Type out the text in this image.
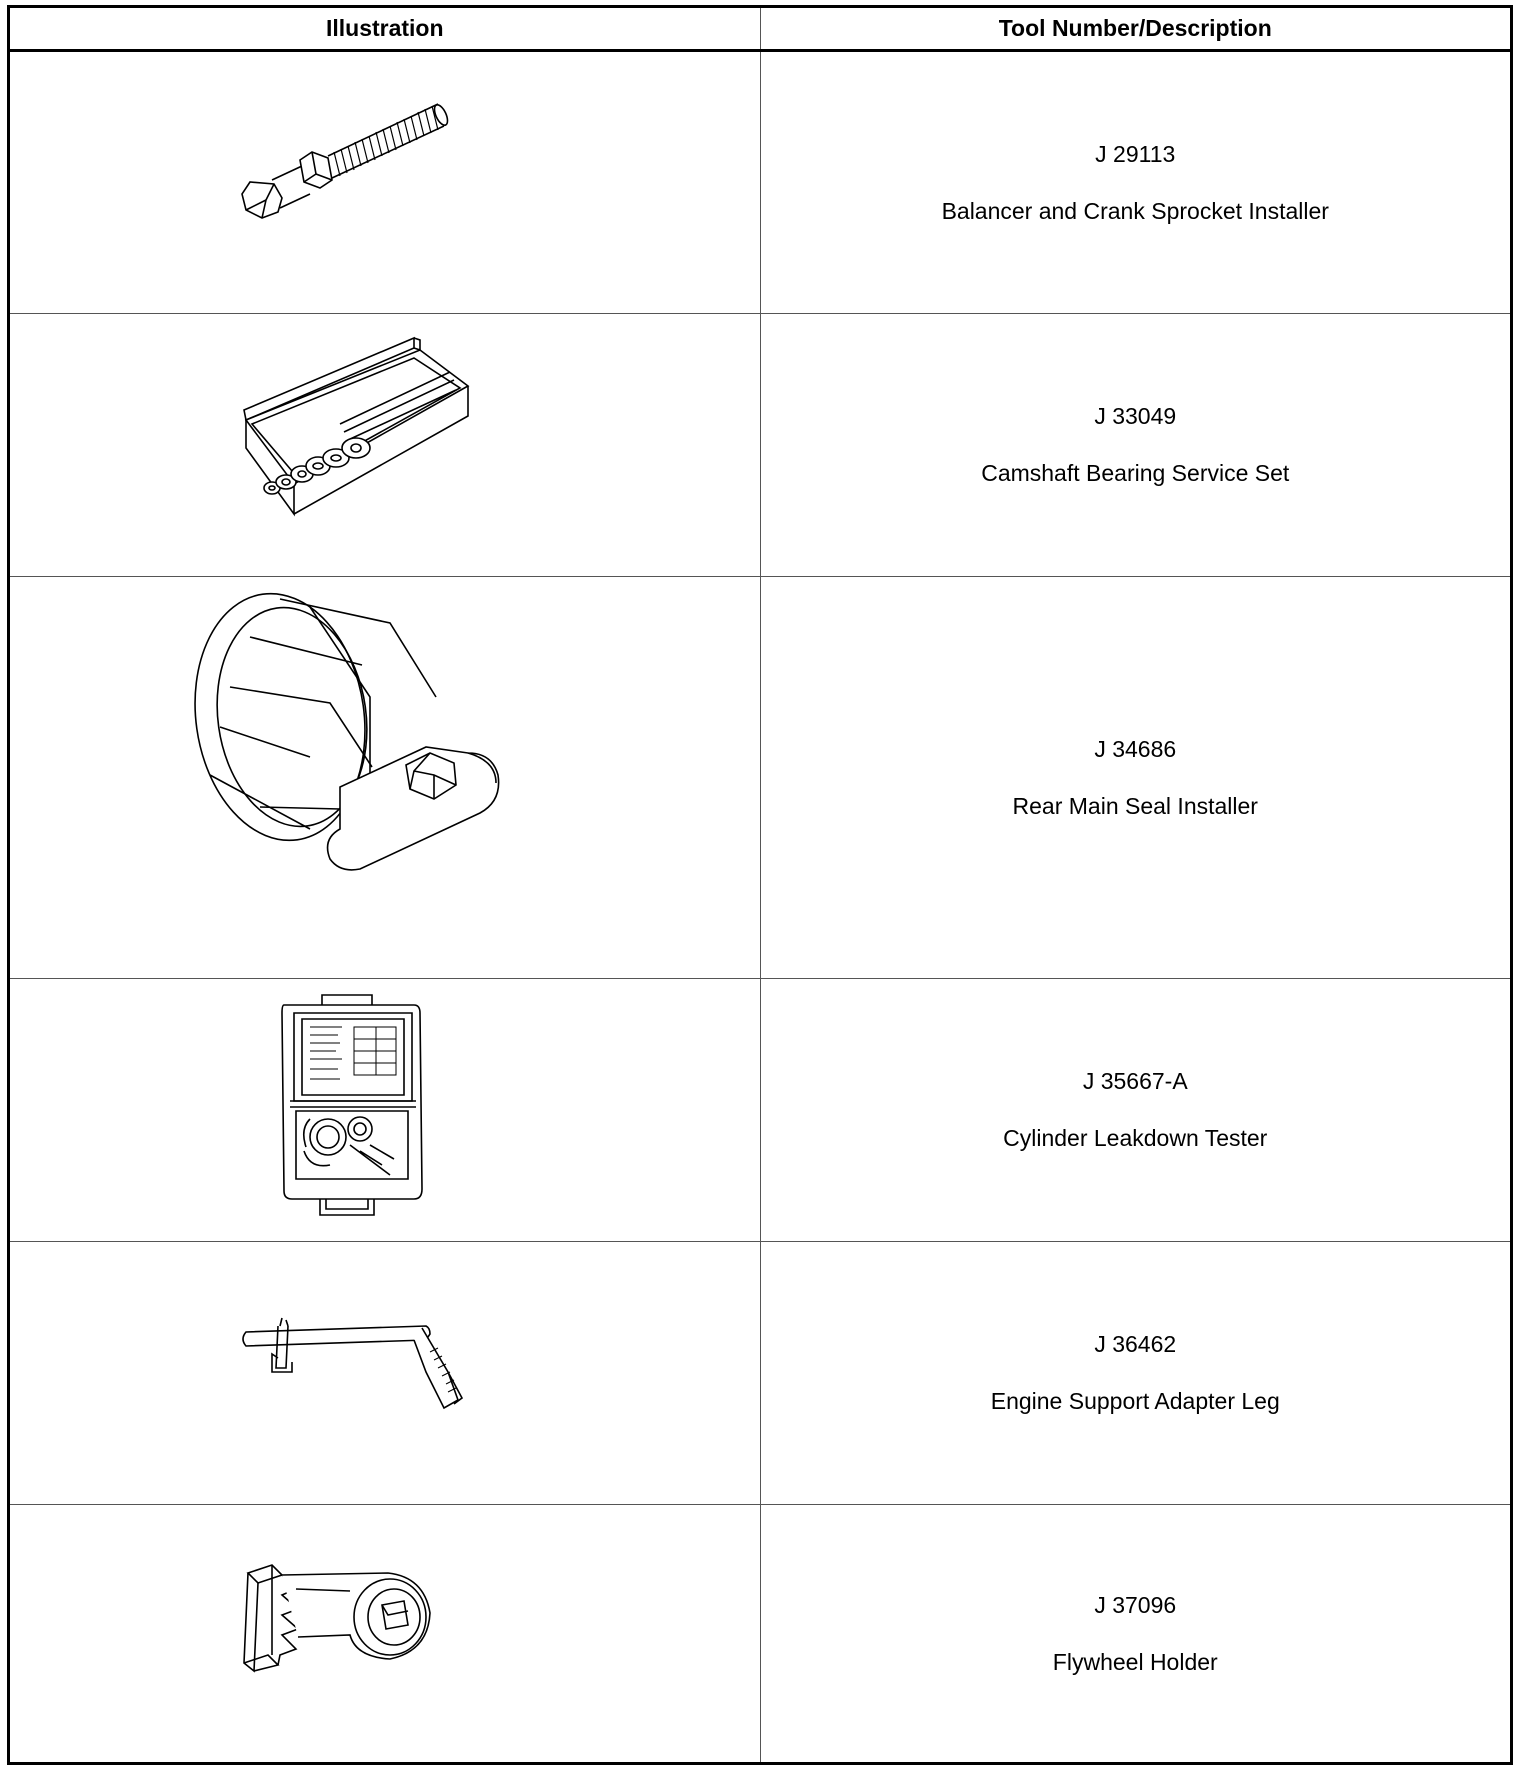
Illustration	Tool Number/Description

J 29113
Balancer and Crank Sprocket Installer

J 33049
Camshaft Bearing Service Set

J 34686
Rear Main Seal Installer

J 35667-A
Cylinder Leakdown Tester

J 36462
Engine Support Adapter Leg

J 37096
Flywheel Holder
